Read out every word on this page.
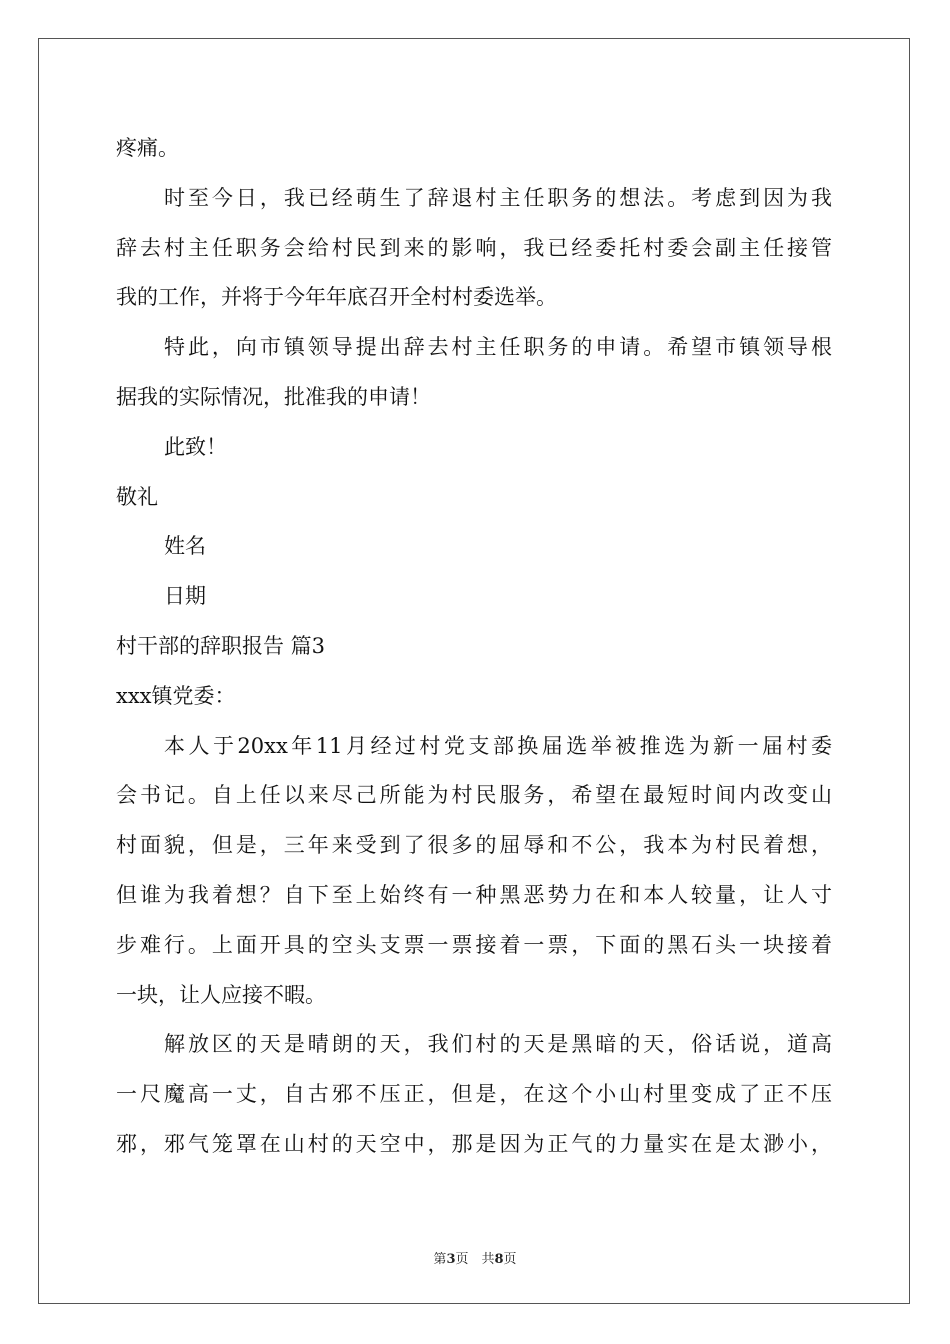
疼痛。
时至今日，我已经萌生了辞退村主任职务的想法。考虑到因为我
辞去村主任职务会给村民到来的影响，我已经委托村委会副主任接管
我的工作，并将于今年年底召开全村村委选举。
特此，向市镇领导提出辞去村主任职务的申请。希望市镇领导根
据我的实际情况，批准我的申请！
此致！
敬礼
姓名
日期
村干部的辞职报告 篇3
xxx镇党委：
本人于20xx年11月经过村党支部换届选举被推选为新一届村委
会书记。自上任以来尽己所能为村民服务，希望在最短时间内改变山
村面貌，但是，三年来受到了很多的屈辱和不公，我本为村民着想，
但谁为我着想？自下至上始终有一种黑恶势力在和本人较量，让人寸
步难行。上面开具的空头支票一票接着一票，下面的黑石头一块接着
一块，让人应接不暇。
解放区的天是晴朗的天，我们村的天是黑暗的天，俗话说，道高
一尺魔高一丈，自古邪不压正，但是，在这个小山村里变成了正不压
邪，邪气笼罩在山村的天空中，那是因为正气的力量实在是太渺小，
第3页　共8页
